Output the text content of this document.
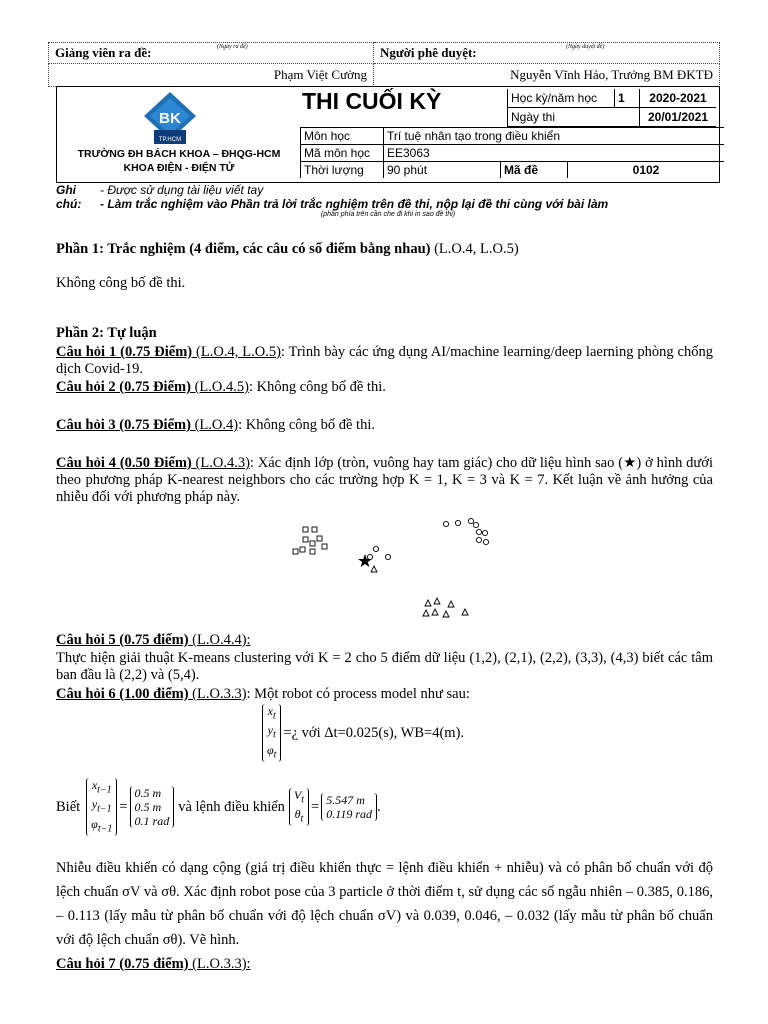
Giảng viên ra đề: (Ngày ra đề)	Người phê duyệt: (Ngày duyệt đề)

Phạm Việt Cường	Nguyễn Vĩnh Hảo, Trưởng BM ĐKTĐ
BK
TP.HCM
TRƯỜNG ĐH BÁCH KHOA – ĐHQG-HCM
KHOA ĐIỆN - ĐIỆN TỬ
THI CUỐI KỲ	Học kỳ/năm học	1	2020-2021
Ngày thi		20/01/2021
Môn học	Trí tuệ nhân tạo trong điều khiển		
Mã môn học	EE3063		
Thời lượng	90 phút	Mã đề	0102
Ghi	- Được sử dụng tài liệu viết tay
chú:	- Làm trắc nghiệm vào Phần trả lời trắc nghiệm trên đề thi, nộp lại đề thi cùng với bài làm
(phần phía trên cần che đi khi in sao đề thi)
Phần 1: Trắc nghiệm (4 điểm, các câu có số điểm bằng nhau) (L.O.4, L.O.5)
Không công bố đề thi.
Phần 2: Tự luận
Câu hỏi 1 (0.75 Điểm) (L.O.4, L.O.5): Trình bày các ứng dụng AI/machine learning/deep laerning phòng chống dịch Covid-19.
Câu hỏi 2 (0.75 Điểm) (L.O.4.5): Không công bố đề thi.
Câu hỏi 3 (0.75 Điểm) (L.O.4): Không công bố đề thi.
Câu hỏi 4 (0.50 Điểm) (L.O.4.3): Xác định lớp (tròn, vuông hay tam giác) cho dữ liệu hình sao (★) ở hình dưới theo phương pháp K-nearest neighbors cho các trường hợp K = 1, K = 3 và K = 7. Kết luận về ảnh hưởng của nhiễu đối với phương pháp này.
Câu hỏi 5 (0.75 điểm) (L.O.4.4):
Thực hiện giải thuật K-means clustering với K = 2 cho 5 điểm dữ liệu (1,2), (2,1), (2,2), (3,3), (4,3) biết các tâm ban đầu là (2,2) và (5,4).
Câu hỏi 6 (1.00 điểm) (L.O.3.3): Một robot có process model như sau:
$x_t$
$y_t$
$\varphi_t$
=¿ với Δt=0.025(s), WB=4(m).
Biết
$x_{t-1}$
$y_{t-1}$
$\varphi_{t-1}$
=
0.5 m
0.5 m
0.1 rad
và lệnh điều khiển
$V_t$
$\theta_t$
= 5.547 m
0.119 rad .
Nhiễu điều khiển có dạng cộng (giá trị điều khiển thực = lệnh điều khiển + nhiễu) và có phân bố chuẩn với độ lệch chuẩn σV và σθ. Xác định robot pose của 3 particle ở thời điểm t, sử dụng các số ngẫu nhiên – 0.385, 0.186, – 0.113 (lấy mẫu từ phân bố chuẩn với độ lệch chuẩn σV) và 0.039, 0.046, – 0.032 (lấy mẫu từ phân bố chuẩn với độ lệch chuẩn σθ). Vẽ hình.
Câu hỏi 7 (0.75 điểm) (L.O.3.3):
